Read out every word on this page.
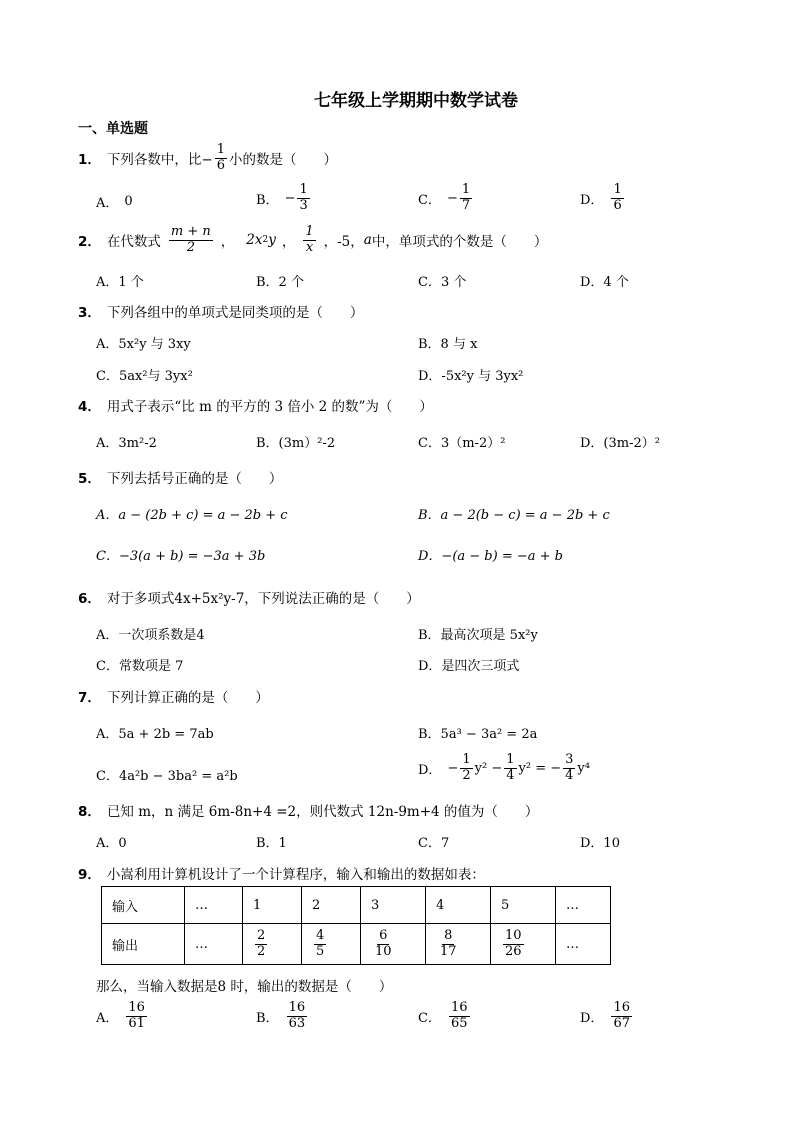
七年级上学期期中数学试卷
一、单选题
1． 下列各数中，比− $\frac{1}{6}$ 小的数是（　　）
A． 0	B． − $\frac{1}{3}$	C． − $\frac{1}{7}$	D． $\frac{1}{6}$
2． 在代数式 $\frac{m + n}{2}$ ， 2x 2 y ， $\frac{1}{x}$ ，-5， a 中，单项式的个数是（　　）
A．1 个	B．2 个	C．3 个	D．4 个
3． 下列各组中的单项式是同类项的是（　　）
A．5x²y 与 3xy	B．8 与 x
C．5ax²与 3yx²	D．-5x²y 与 3yx²
4． 用式子表示“比 m 的平方的 3 倍小 2 的数”为（　　）
A．3m²-2	B．(3m）²-2	C．3（m-2）²	D．(3m-2）²
5． 下列去括号正确的是（　　）
A．a − (2b + c) = a − 2b + c	B．a − 2(b − c) = a − 2b + c
C．−3(a + b) = −3a + 3b	D．−(a − b) = −a + b
6． 对于多项式4x+5x²y-7，下列说法正确的是（　　）
A．一次项系数是4	B．最高次项是 5x²y
C．常数项是 7	D．是四次三项式
7． 下列计算正确的是（　　）
A．5a + 2b = 7ab	B．5a³ − 3a² = 2a
C．4a²b − 3ba² = a²b	D． − $\frac{1}{2} y^2 - \frac{1}{4} y^2$ = − $\frac{3}{4} y^4$
8． 已知 m，n 满足 6m-8n+4 =2，则代数式 12n-9m+4 的值为（　　）
A．0	B．1	C．7	D．10
9． 小嵩利用计算机设计了一个计算程序，输入和输出的数据如表：
输入	…	1	2	3	4	5	…
输出	…	$\frac{2}{2}$	$\frac{4}{5}$	$\frac{6}{10}$	$\frac{8}{17}$	$\frac{10}{26}$	…
那么，当输入数据是8 时，输出的数据是（　　）
A． $\frac{16}{61}$	B． $\frac{16}{63}$	C． $\frac{16}{65}$	D． $\frac{16}{67}$
